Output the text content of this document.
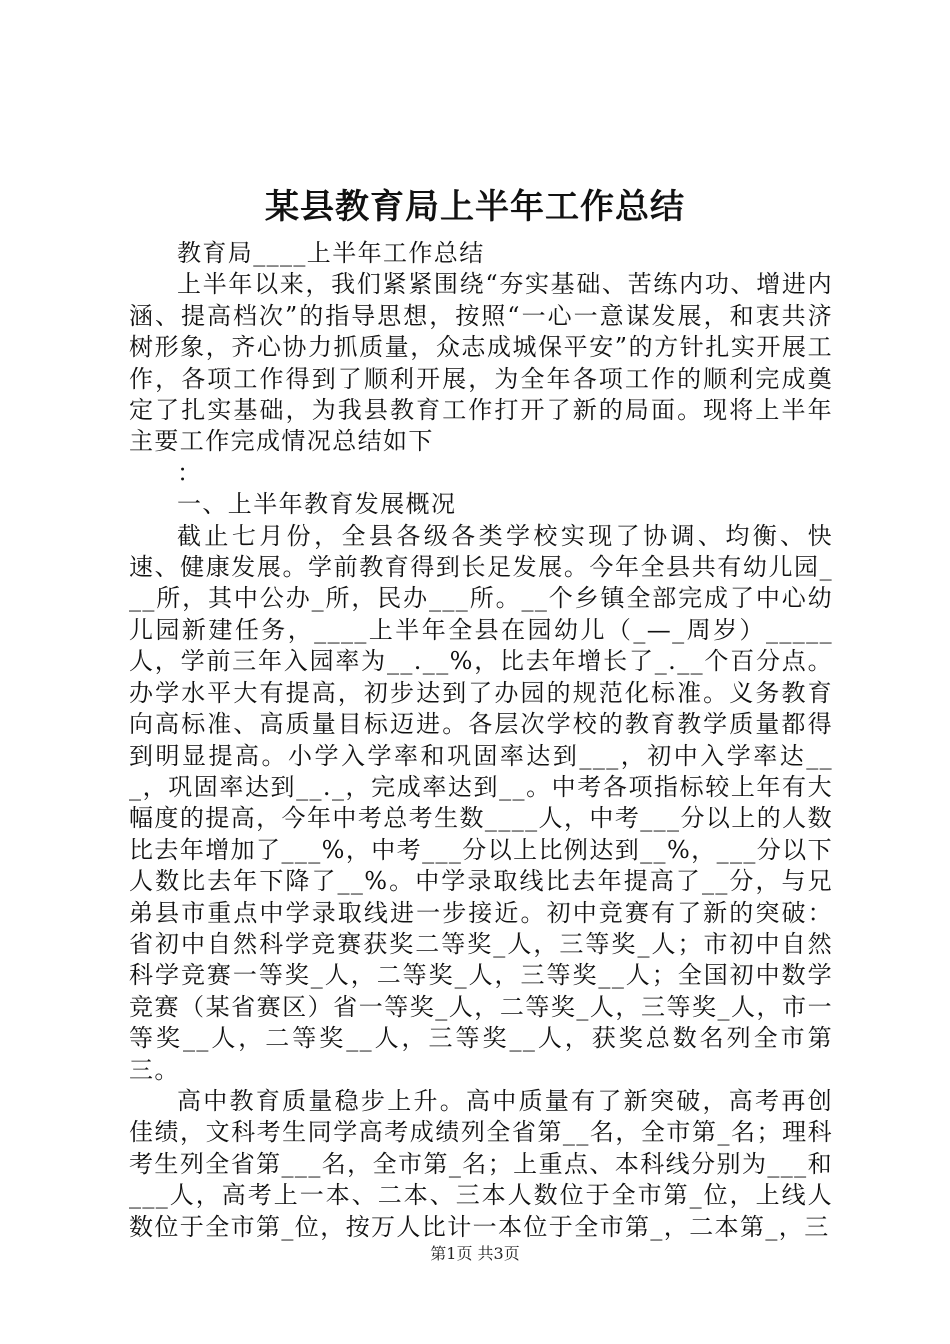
某县教育局上半年工作总结

教育局____上半年工作总结

上半年以来，我们紧紧围绕“夯实基础、苦练内功、增进内涵、提高档次”的指导思想，按照“一心一意谋发展，和衷共济树形象，齐心协力抓质量，众志成城保平安”的方针扎实开展工作，各项工作得到了顺利开展，为全年各项工作的顺利完成奠定了扎实基础，为我县教育工作打开了新的局面。现将上半年主要工作完成情况总结如下

：

一、上半年教育发展概况

截止七月份，全县各级各类学校实现了协调、均衡、快速、健康发展。学前教育得到长足发展。今年全县共有幼儿园___所，其中公办_所，民办___所。__个乡镇全部完成了中心幼儿园新建任务，____上半年全县在园幼儿（_—_周岁）_____人，学前三年入园率为__.__%，比去年增长了_.__个百分点。办学水平大有提高，初步达到了办园的规范化标准。义务教育向高标准、高质量目标迈进。各层次学校的教育教学质量都得到明显提高。小学入学率和巩固率达到___，初中入学率达___，巩固率达到__._，完成率达到__。中考各项指标较上年有大幅度的提高，今年中考总考生数____人，中考___分以上的人数比去年增加了___%，中考___分以上比例达到__%，___分以下人数比去年下降了__%。中学录取线比去年提高了__分，与兄弟县市重点中学录取线进一步接近。初中竞赛有了新的突破：省初中自然科学竞赛获奖二等奖_人，三等奖_人；市初中自然科学竞赛一等奖_人，二等奖_人，三等奖__人；全国初中数学竞赛（某省赛区）省一等奖_人，二等奖_人，三等奖_人，市一等奖__人，二等奖__人，三等奖__人，获奖总数名列全市第三。

高中教育质量稳步上升。高中质量有了新突破，高考再创佳绩，文科考生同学高考成绩列全省第__名，全市第_名；理科考生列全省第___名，全市第_名；上重点、本科线分别为___和___人，高考上一本、二本、三本人数位于全市第_位，上线人数位于全市第_位，按万人比计一本位于全市第_，二本第_，三

第1页 共3页
